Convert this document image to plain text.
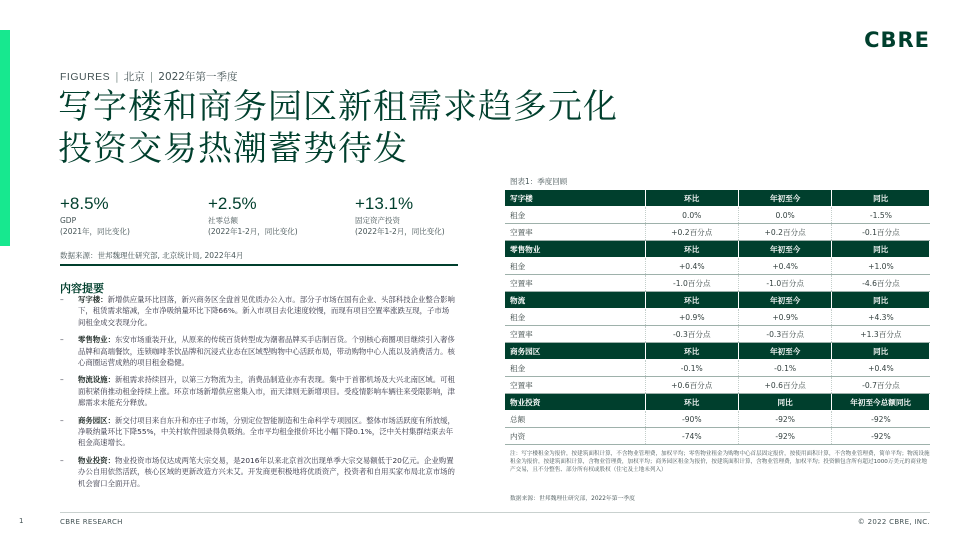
CBRE
FIGURES | 北京 | 2022年第一季度
写字楼和商务园区新租需求趋多元化
投资交易热潮蓄势待发
+8.5%
GDP
(2021年，同比变化)
+2.5%
社零总额
(2022年1-2月，同比变化)
+13.1%
固定资产投资
(2022年1-2月，同比变化)
数据来源：世邦魏理仕研究部, 北京统计局, 2022年4月
内容提要
– 写字楼：新增供应量环比回落，新兴商务区全盘首见优质办公入市。部分子市场在国有企业、头部科技企业整合影响下，租赁需求缩减，全市净吸纳量环比下降66%。新入市项目去化速度较慢，而现有项目空置率涨跌互现，子市场间租金成交表现分化。
– 零售物业：东安市场重装开业，从原来的传统百货转型成为潮奢品牌买手店制百货。个别核心商圈项目继续引入奢侈品牌和高端餐饮，连锁咖啡茶饮品牌和沉浸式业态在区域型购物中心活跃布局，带动购物中心人流以及消费活力。核心商圈运营成熟的项目租金稳健。
– 物流设施：新租需求持续回升，以第三方物流为主，消费品制造业亦有表现。集中于首都机场及大兴北南区域。可租面积紧俏推动租金持续上涨。环京市场新增供应密集入市，而天津则无新增项目。受疫情影响车辆往来受限影响，津廊需求未能充分释放。
– 商务园区：新交付项目来自东升和亦庄子市场，分别定位智能制造和生命科学专项园区。整体市场活跃度有所放缓，净吸纳量环比下降55%，中关村软件园录得负吸纳。全市平均租金报价环比小幅下降0.1%，泛中关村集群结束去年租金高速增长。
– 物业投资：物业投资市场仅达成两笔大宗交易，是2016年以来北京首次出现单季大宗交易额低于20亿元。企业购置办公自用依然活跃，核心区域的更新改造方兴未艾。开发商更积极地将优质资产，投资者和自用买家布局北京市场的机会窗口全面开启。
图表1：季度回顾
写字楼	环比	年初至今	同比
租金	0.0%	0.0%	-1.5%
空置率	+0.2百分点	+0.2百分点	-0.1百分点
零售物业	环比	年初至今	同比
租金	+0.4%	+0.4%	+1.0%
空置率	-1.0百分点	-1.0百分点	-4.6百分点
物流	环比	年初至今	同比
租金	+0.9%	+0.9%	+4.3%
空置率	-0.3百分点	-0.3百分点	+1.3百分点
商务园区	环比	年初至今	同比
租金	-0.1%	-0.1%	+0.4%
空置率	+0.6百分点	+0.6百分点	-0.7百分点
物业投资	环比	同比	年初至今总额同比
总额	-90%	-92%	-92%
内资	-74%	-92%	-92%
注：写字楼租金为报价，按建筑面积计算，不含物业管理费，加权平均；零售物业租金为购物中心首层固定报价，按使用面积计算，不含物业管理费，简单平均；物流设施租金为报价，按建筑面积计算，含物业管理费，加权平均；商务园区租金为报价，按建筑面积计算，含物业管理费，加权平均；投资额包含所有超过1000万美元的商业地产交易，且不分整售、部分所有权或股权（住宅及土地未列入）
数据来源：世邦魏理仕研究部，2022年第一季度
1	CBRE RESEARCH	© 2022 CBRE, INC.
